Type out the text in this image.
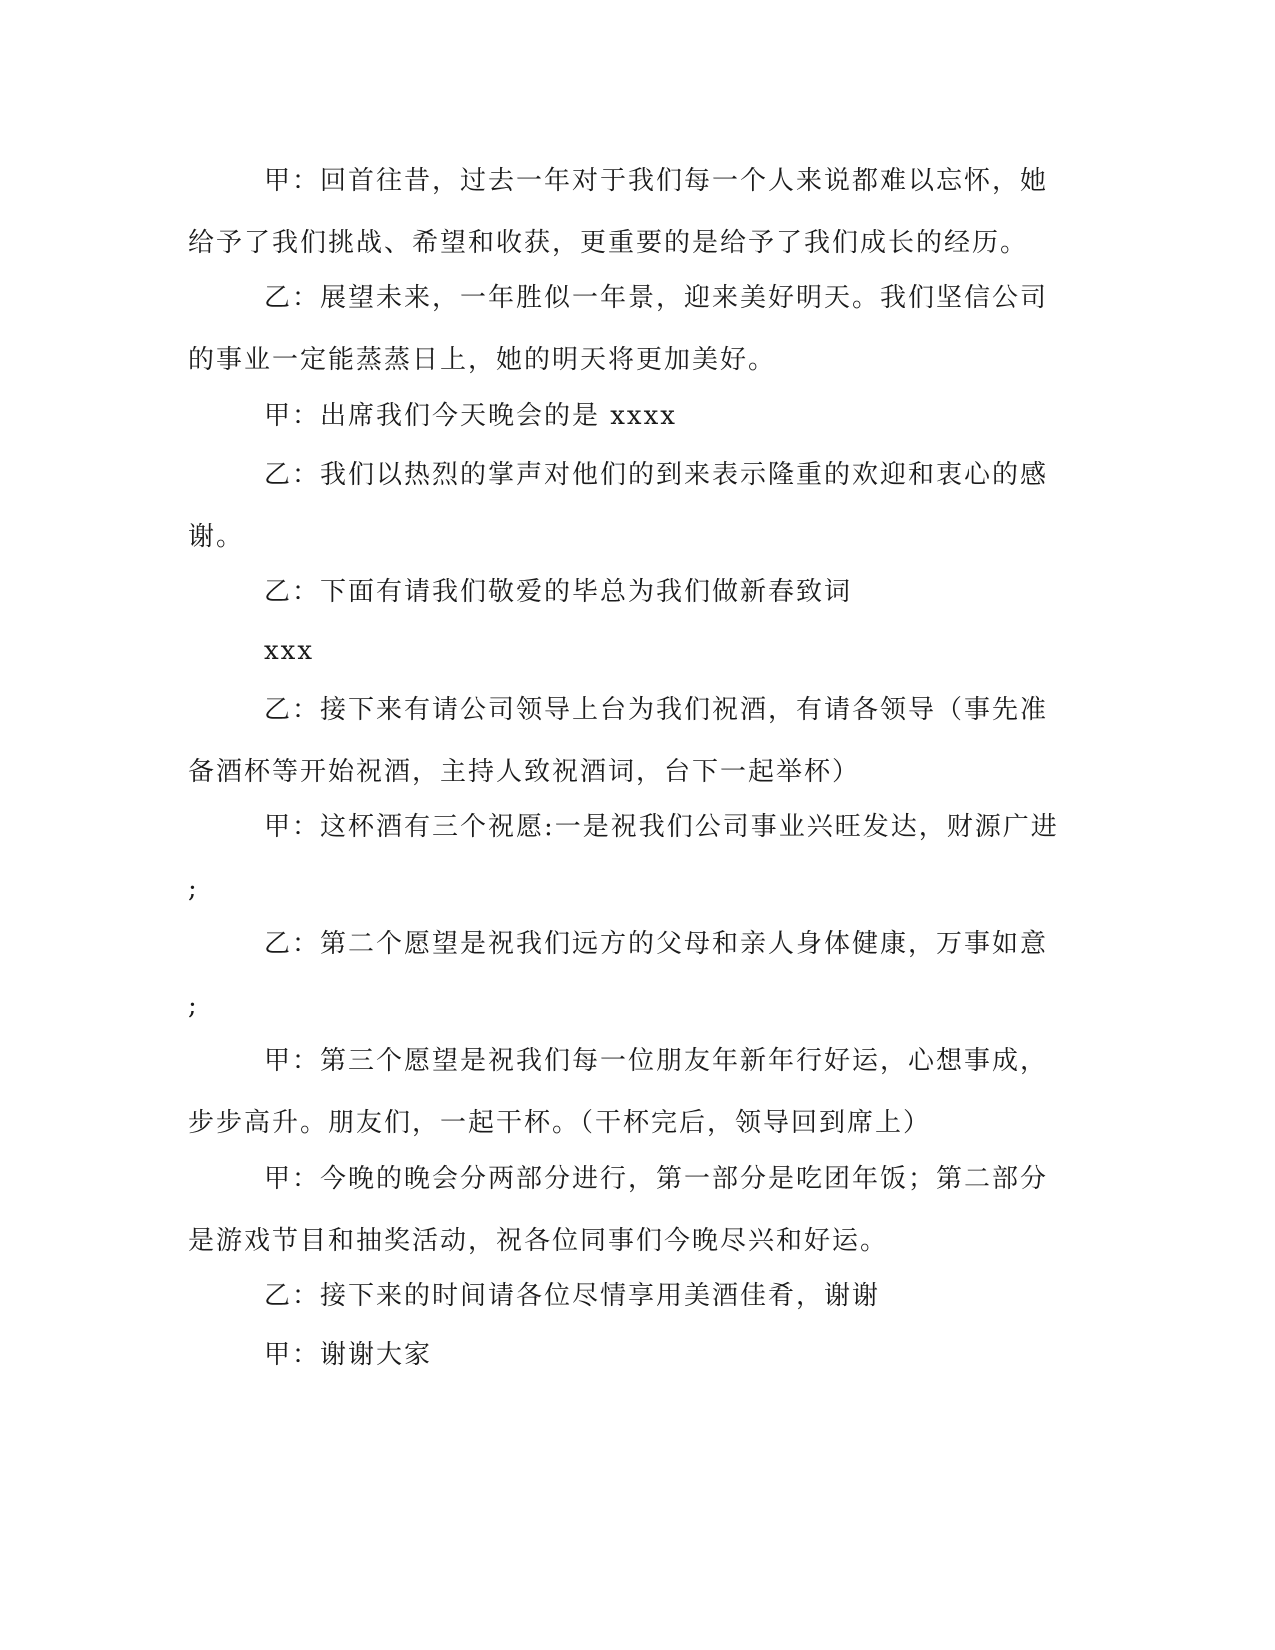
甲：回首往昔，过去一年对于我们每一个人来说都难以忘怀，她
给予了我们挑战、希望和收获，更重要的是给予了我们成长的经历。
乙：展望未来，一年胜似一年景，迎来美好明天。我们坚信公司
的事业一定能蒸蒸日上，她的明天将更加美好。
甲：出席我们今天晚会的是 xxxx
乙：我们以热烈的掌声对他们的到来表示隆重的欢迎和衷心的感
谢。
乙：下面有请我们敬爱的毕总为我们做新春致词
xxx
乙：接下来有请公司领导上台为我们祝酒，有请各领导（事先准
备酒杯等开始祝酒，主持人致祝酒词，台下一起举杯）
甲：这杯酒有三个祝愿:一是祝我们公司事业兴旺发达，财源广进
;
乙：第二个愿望是祝我们远方的父母和亲人身体健康，万事如意
;
甲：第三个愿望是祝我们每一位朋友年新年行好运，心想事成，
步步高升。朋友们，一起干杯。（干杯完后，领导回到席上）
甲：今晚的晚会分两部分进行，第一部分是吃团年饭；第二部分
是游戏节目和抽奖活动，祝各位同事们今晚尽兴和好运。
乙：接下来的时间请各位尽情享用美酒佳肴，谢谢
甲：谢谢大家
